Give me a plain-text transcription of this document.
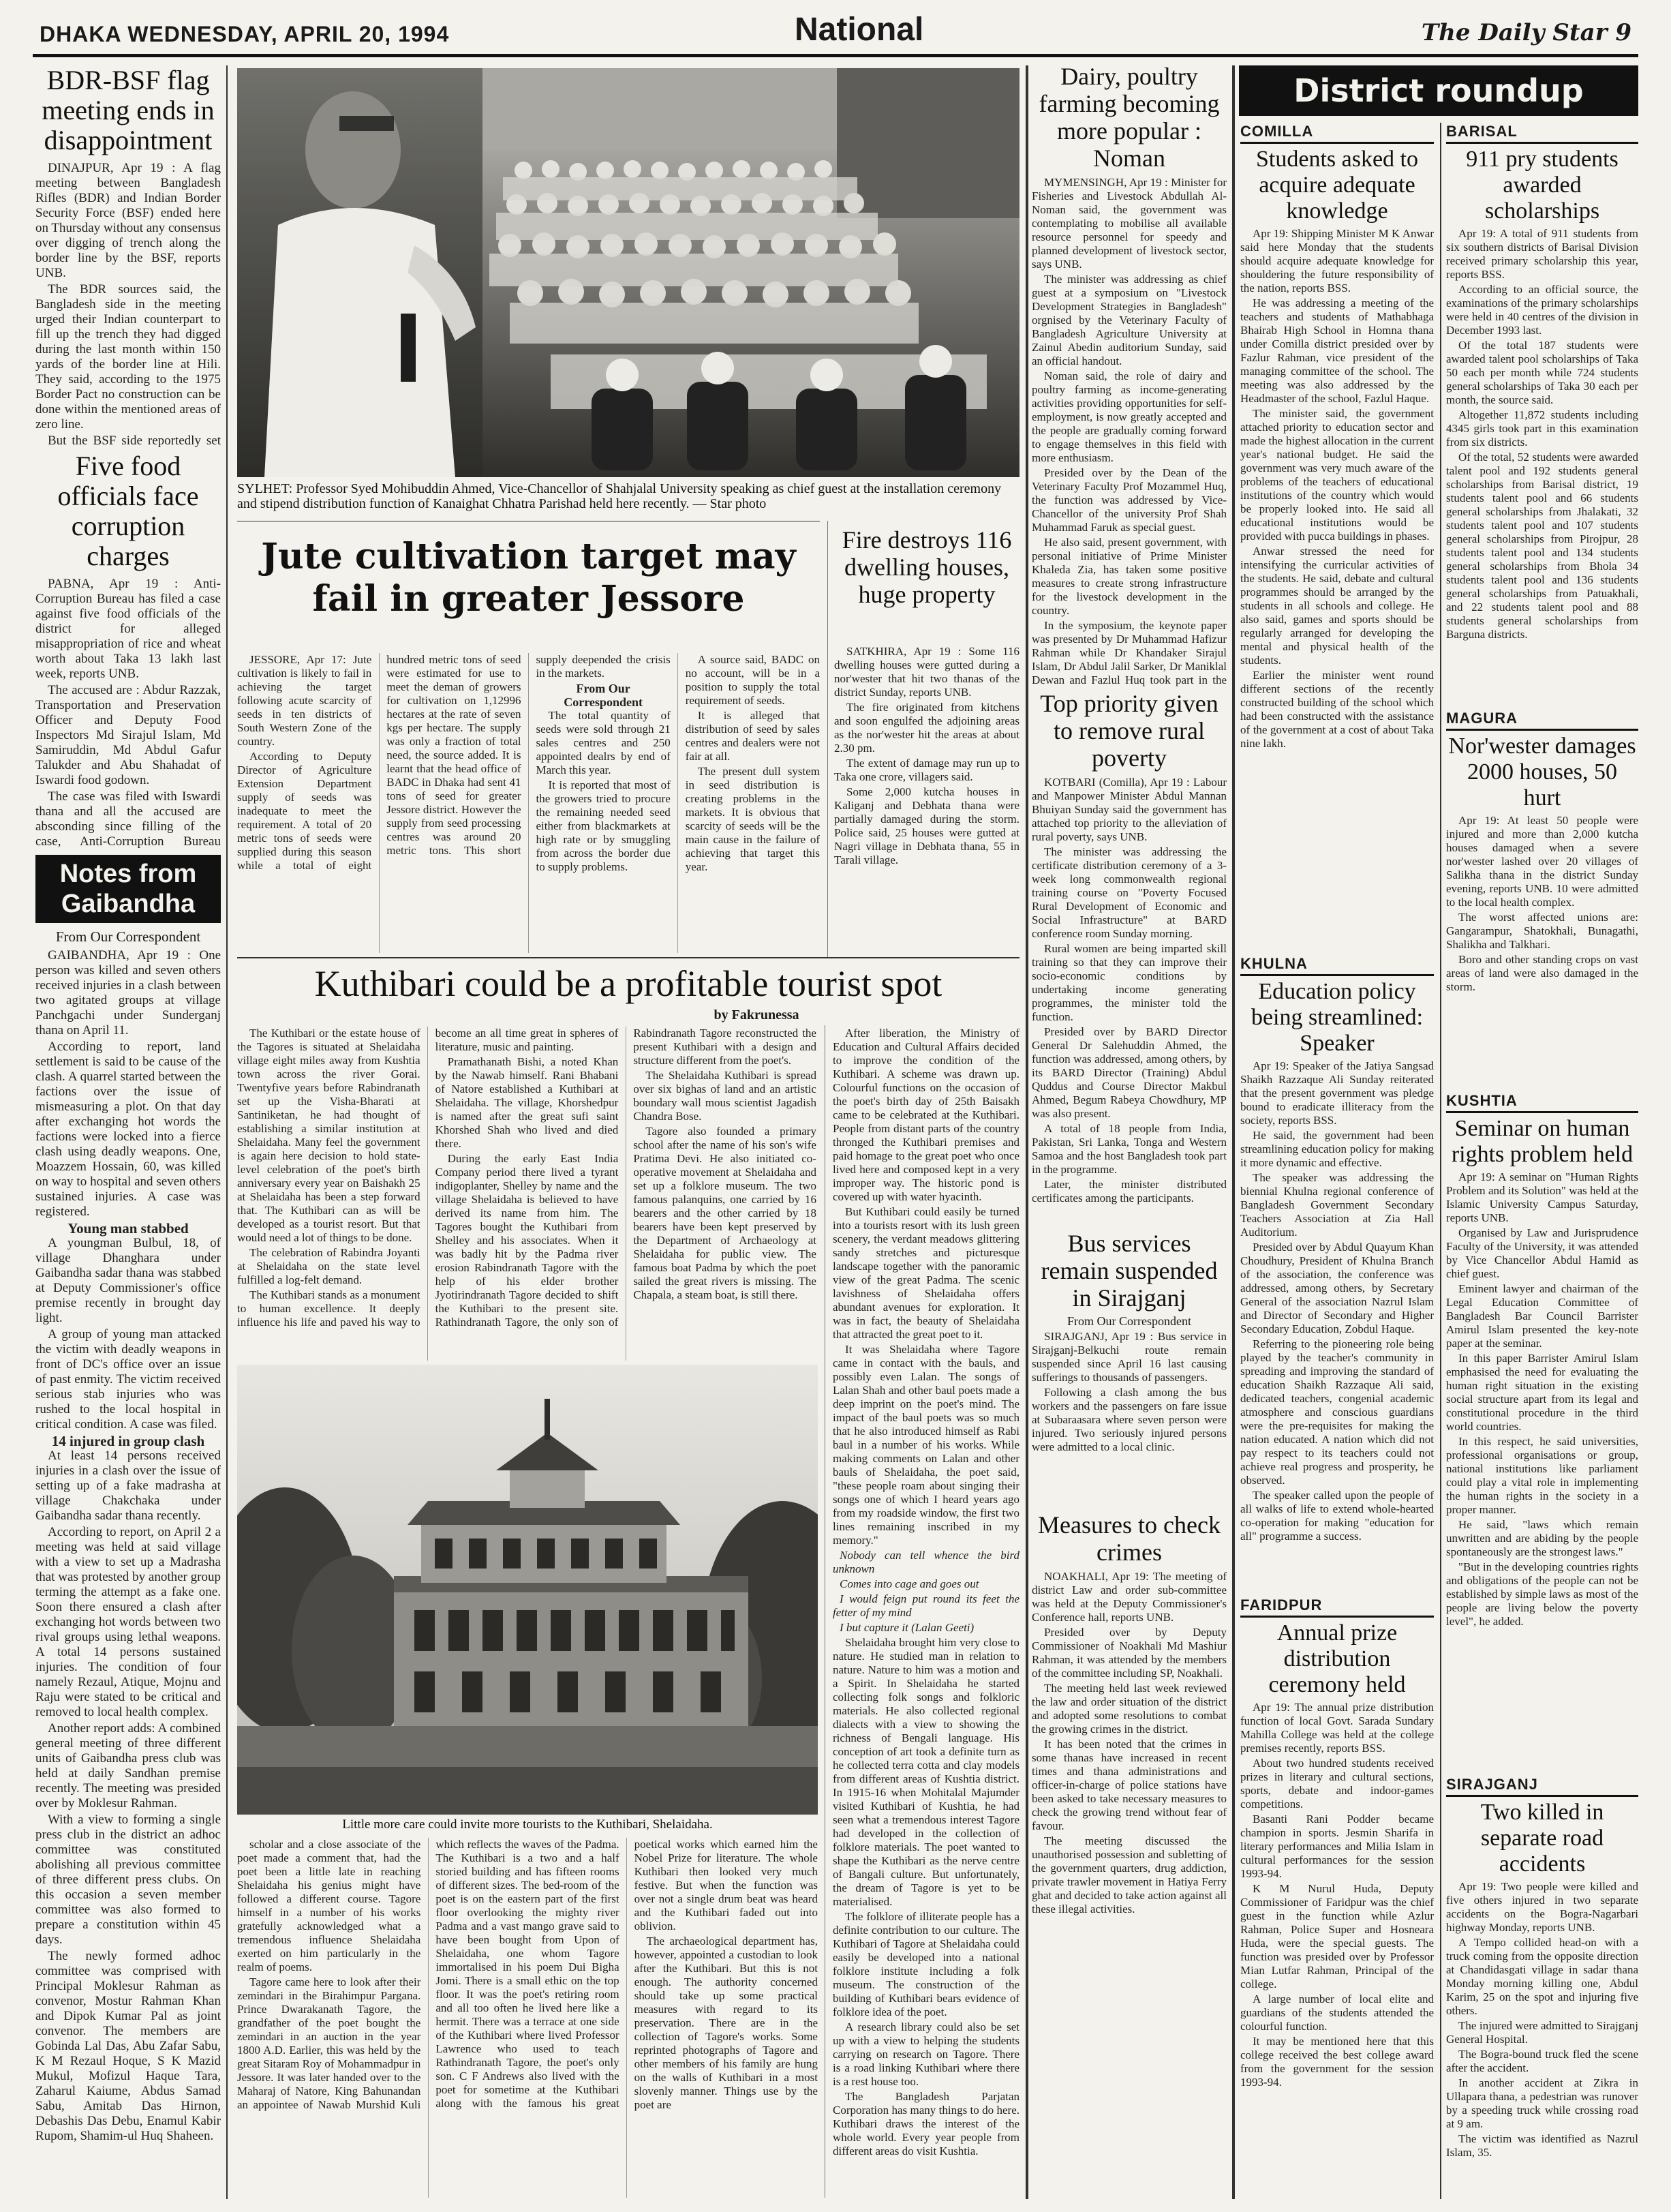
DHAKA WEDNESDAY, APRIL 20, 1994	National	The Daily Star 9
BDR-BSF flag meeting ends in disappointment

DINAJPUR, Apr 19 : A flag meeting between Bangladesh Rifles (BDR) and Indian Border Security Force (BSF) ended here on Thursday without any consensus over digging of trench along the border line by the BSF, reports UNB.

The BDR sources said, the Bangladesh side in the meeting urged their Indian counterpart to fill up the trench they had digged during the last month within 150 yards of the border line at Hili. They said, according to the 1975 Border Pact no construction can be done within the mentioned areas of zero line.

But the BSF side reportedly set

Five food officials face corruption charges

PABNA, Apr 19 : Anti-Corruption Bureau has filed a case against five food officials of the district for alleged misappropriation of rice and wheat worth about Taka 13 lakh last week, reports UNB.

The accused are : Abdur Razzak, Transportation and Preservation Officer and Deputy Food Inspectors Md Sirajul Islam, Md Samiruddin, Md Abdul Gafur Talukder and Abu Shahadat of Iswardi food godown.

The case was filed with Iswardi thana and all the accused are absconding since filling of the case, Anti-Corruption Bureau

Notes from Gaibandha
From Our Correspondent

GAIBANDHA, Apr 19 : One person was killed and seven others received injuries in a clash between two agitated groups at village Panchgachi under Sunderganj thana on April 11.

According to report, land settlement is said to be cause of the clash. A quarrel started between the factions over the issue of mismeasuring a plot. On that day after exchanging hot words the factions were locked into a fierce clash using deadly weapons. One, Moazzem Hossain, 60, was killed on way to hospital and seven others sustained injuries. A case was registered.

Young man stabbed

A youngman Bulbul, 18, of village Dhanghara under Gaibandha sadar thana was stabbed at Deputy Commissioner's office premise recently in brought day light.

A group of young man attacked the victim with deadly weapons in front of DC's office over an issue of past enmity. The victim received serious stab injuries who was rushed to the local hospital in critical condition. A case was filed.

14 injured in group clash

At least 14 persons received injuries in a clash over the issue of setting up of a fake madrasha at village Chakchaka under Gaibandha sadar thana recently.

According to report, on April 2 a meeting was held at said village with a view to set up a Madrasha that was protested by another group terming the attempt as a fake one. Soon there ensured a clash after exchanging hot words between two rival groups using lethal weapons. A total 14 persons sustained injuries. The condition of four namely Rezaul, Atique, Mojnu and Raju were stated to be critical and removed to local health complex.

Another report adds: A combined general meeting of three different units of Gaibandha press club was held at daily Sandhan premise recently. The meeting was presided over by Moklesur Rahman.

With a view to forming a single press club in the district an adhoc committee was constituted abolishing all previous committee of three different press clubs. On this occasion a seven member committee was also formed to prepare a constitution within 45 days.

The newly formed adhoc committee was comprised with Principal Moklesur Rahman as convenor, Mostur Rahman Khan and Dipok Kumar Pal as joint convenor. The members are Gobinda Lal Das, Abu Zafar Sabu, K M Rezaul Hoque, S K Mazid Mukul, Mofizul Haque Tara, Zaharul Kaiume, Abdus Samad Sabu, Amitab Das Hirnon, Debashis Das Debu, Enamul Kabir Rupom, Shamim-ul Huq Shaheen.

SYLHET: Professor Syed Mohibuddin Ahmed, Vice-Chancellor of Shahjalal University speaking as chief guest at the installation ceremony and stipend distribution function of Kanaighat Chhatra Parishad held here recently. — Star photo
Jute cultivation target may fail in greater Jessore

JESSORE, Apr 17: Jute cultivation is likely to fail in achieving the target following acute scarcity of seeds in ten districts of South Western Zone of the country.

According to Deputy Director of Agriculture Extension Department supply of seeds was inadequate to meet the requirement. A total of 20 metric tons of seeds were supplied during this season while a total of eight hundred metric tons of seed were estimated for use to meet the deman of growers for cultivation on 1,12996 hectares at the rate of seven kgs per hectare. The supply was only a fraction of total need, the source added. It is learnt that the head office of BADC in Dhaka had sent 41 tons of seed for greater Jessore district. However the supply from seed processing centres was around 20 metric tons. This short supply deepended the crisis in the markets.

From Our Correspondent

The total quantity of seeds were sold through 21 sales centres and 250 appointed dealrs by end of March this year.

It is reported that most of the growers tried to procure the remaining needed seed either from blackmarkets at high rate or by smuggling from across the border due to supply problems.

A source said, BADC on no account, will be in a position to supply the total requirement of seeds.

It is alleged that distribution of seed by sales centres and dealers were not fair at all.

The present dull system in seed distribution is creating problems in the markets. It is obvious that scarcity of seeds will be the main cause in the failure of achieving that target this year.

Fire destroys 116 dwelling houses, huge property

SATKHIRA, Apr 19 : Some 116 dwelling houses were gutted during a nor'wester that hit two thanas of the district Sunday, reports UNB.

The fire originated from kitchens and soon engulfed the adjoining areas as the nor'wester hit the areas at about 2.30 pm.

The extent of damage may run up to Taka one crore, villagers said.

Some 2,000 kutcha houses in Kaliganj and Debhata thana were partially damaged during the storm. Police said, 25 houses were gutted at Nagri village in Debhata thana, 55 in Tarali village.

Kuthibari could be a profitable tourist spot
by Fakrunessa

The Kuthibari or the estate house of the Tagores is situated at Shelaidaha village eight miles away from Kushtia town across the river Gorai. Twentyfive years before Rabindranath set up the Visha-Bharati at Santiniketan, he had thought of establishing a similar institution at Shelaidaha. Many feel the government is again here decision to hold state-level celebration of the poet's birth anniversary every year on Baishakh 25 at Shelaidaha has been a step forward that. The Kuthibari can as will be developed as a tourist resort. But that would need a lot of things to be done.

The celebration of Rabindra Joyanti at Shelaidaha on the state level fulfilled a log-felt demand.

The Kuthibari stands as a monument to human excellence. It deeply influence his life and paved his way to become an all time great in spheres of literature, music and painting.

Pramathanath Bishi, a noted Khan by the Nawab himself. Rani Bhabani of Natore established a Kuthibari at Shelaidaha. The village, Khorshedpur is named after the great sufi saint Khorshed Shah who lived and died there.

During the early East India Company period there lived a tyrant indigoplanter, Shelley by name and the village Shelaidaha is believed to have derived its name from him. The Tagores bought the Kuthibari from Shelley and his associates. When it was badly hit by the Padma river erosion Rabindranath Tagore with the help of his elder brother Jyotirindranath Tagore decided to shift the Kuthibari to the present site. Rathindranath Tagore, the only son of Rabindranath Tagore reconstructed the present Kuthibari with a design and structure different from the poet's.

The Shelaidaha Kuthibari is spread over six bighas of land and an artistic boundary wall mous scientist Jagadish Chandra Bose.

Tagore also founded a primary school after the name of his son's wife Pratima Devi. He also initiated co-operative movement at Shelaidaha and set up a folklore museum. The two famous palanquins, one carried by 16 bearers and the other carried by 18 bearers have been kept preserved by the Department of Archaeology at Shelaidaha for public view. The famous boat Padma by which the poet sailed the great rivers is missing. The Chapala, a steam boat, is still there.

After liberation, the Ministry of Education and Cultural Affairs decided to improve the condition of the Kuthibari. A scheme was drawn up. Colourful functions on the occasion of the poet's birth day of 25th Baisakh came to be celebrated at the Kuthibari. People from distant parts of the country thronged the Kuthibari premises and paid homage to the great poet who once lived here and composed kept in a very improper way. The historic pond is covered up with water hyacinth.

But Kuthibari could easily be turned into a tourists resort with its lush green scenery, the verdant meadows glittering sandy stretches and picturesque landscape together with the panoramic view of the great Padma. The scenic lavishness of Shelaidaha offers abundant avenues for exploration. It was in fact, the beauty of Shelaidaha that attracted the great poet to it.

It was Shelaidaha where Tagore came in contact with the bauls, and possibly even Lalan. The songs of Lalan Shah and other baul poets made a deep imprint on the poet's mind. The impact of the baul poets was so much that he also introduced himself as Rabi baul in a number of his works. While making comments on Lalan and other bauls of Shelaidaha, the poet said, "these people roam about singing their songs one of which I heard years ago from my roadside window, the first two lines remaining inscribed in my memory."

Nobody can tell whence the bird unknown

Comes into cage and goes out

I would feign put round its feet the fetter of my mind

I but capture it (Lalan Geeti)

Shelaidaha brought him very close to nature. He studied man in relation to nature. Nature to him was a motion and a Spirit. In Shelaidaha he started collecting folk songs and folkloric materials. He also collected regional dialects with a view to showing the richness of Bengali language. His conception of art took a definite turn as he collected terra cotta and clay models from different areas of Kushtia district. In 1915-16 when Mohitalal Majumder visited Kuthibari of Kushtia, he had seen what a tremendous interest Tagore had developed in the collection of folklore materials. The poet wanted to shape the Kuthibari as the nerve centre of Bangali culture. But unfortunately, the dream of Tagore is yet to be materialised.

The folklore of illiterate people has a definite contribution to our culture. The Kuthibari of Tagore at Shelaidaha could easily be developed into a national folklore institute including a folk museum. The construction of the building of Kuthibari bears evidence of folklore idea of the poet.

A research library could also be set up with a view to helping the students carrying on research on Tagore. There is a road linking Kuthibari where there is a rest house too.

The Bangladesh Parjatan Corporation has many things to do here. Kuthibari draws the interest of the whole world. Every year people from different areas do visit Kushtia.

Little more care could invite more tourists to the Kuthibari, Shelaidaha.

scholar and a close associate of the poet made a comment that, had the poet been a little late in reaching Shelaidaha his genius might have followed a different course. Tagore himself in a number of his works gratefully acknowledged what a tremendous influence Shelaidaha exerted on him particularly in the realm of poems.

Tagore came here to look after their zemindari in the Birahimpur Pargana. Prince Dwarakanath Tagore, the grandfather of the poet bought the zemindari in an auction in the year 1800 A.D. Earlier, this was held by the great Sitaram Roy of Mohammadpur in Jessore. It was later handed over to the Maharaj of Natore, King Bahunandan an appointee of Nawab Murshid Kuli which reflects the waves of the Padma. The Kuthibari is a two and a half storied building and has fifteen rooms of different sizes. The bed-room of the poet is on the eastern part of the first floor overlooking the mighty river Padma and a vast mango grave said to have been bought from Upon of Shelaidaha, one whom Tagore immortalised in his poem Dui Bigha Jomi. There is a small ethic on the top floor. It was the poet's retiring room and all too often he lived here like a hermit. There was a terrace at one side of the Kuthibari where lived Professor Lawrence who used to teach Rathindranath Tagore, the poet's only son. C F Andrews also lived with the poet for sometime at the Kuthibari along with the famous his great poetical works which earned him the Nobel Prize for literature. The whole Kuthibari then looked very much festive. But when the function was over not a single drum beat was heard and the Kuthibari faded out into oblivion.

The archaeological department has, however, appointed a custodian to look after the Kuthibari. But this is not enough. The authority concerned should take up some practical measures with regard to its preservation. There are in the collection of Tagore's works. Some reprinted photographs of Tagore and other members of his family are hung on the walls of Kuthibari in a most slovenly manner. Things use by the poet are

Dairy, poultry farming becoming more popular : Noman

MYMENSINGH, Apr 19 : Minister for Fisheries and Livestock Abdullah Al-Noman said, the government was contemplating to mobilise all available resource personnel for speedy and planned development of livestock sector, says UNB.

The minister was addressing as chief guest at a symposium on "Livestock Development Strategies in Bangladesh" orgnised by the Veterinary Faculty of Bangladesh Agriculture University at Zainul Abedin auditorium Sunday, said an official handout.

Noman said, the role of dairy and poultry farming as income-generating activities providing opportunities for self-employment, is now greatly accepted and the people are gradually coming forward to engage themselves in this field with more enthusiasm.

Presided over by the Dean of the Veterinary Faculty Prof Mozammel Huq, the function was addressed by Vice-Chancellor of the university Prof Shah Muhammad Faruk as special guest.

He also said, present government, with personal initiative of Prime Minister Khaleda Zia, has taken some positive measures to create strong infrastructure for the livestock development in the country.

In the symposium, the keynote paper was presented by Dr Muhammad Hafizur Rahman while Dr Khandaker Sirajul Islam, Dr Abdul Jalil Sarker, Dr Maniklal Dewan and Fazlul Huq took part in the

Top priority given to remove rural poverty

KOTBARI (Comilla), Apr 19 : Labour and Manpower Minister Abdul Mannan Bhuiyan Sunday said the government has attached top priority to the alleviation of rural poverty, says UNB.

The minister was addressing the certificate distribution ceremony of a 3-week long commonwealth regional training course on "Poverty Focused Rural Development of Economic and Social Infrastructure" at BARD conference room Sunday morning.

Rural women are being imparted skill training so that they can improve their socio-economic conditions by undertaking income generating programmes, the minister told the function.

Presided over by BARD Director General Dr Salehuddin Ahmed, the function was addressed, among others, by its BARD Director (Training) Abdul Quddus and Course Director Makbul Ahmed, Begum Rabeya Chowdhury, MP was also present.

A total of 18 people from India, Pakistan, Sri Lanka, Tonga and Western Samoa and the host Bangladesh took part in the programme.

Later, the minister distributed certificates among the participants.

Bus services remain suspended in Sirajganj
From Our Correspondent

SIRAJGANJ, Apr 19 : Bus service in Sirajganj-Belkuchi route remain suspended since April 16 last causing sufferings to thousands of passengers.

Following a clash among the bus workers and the passengers on fare issue at Subaraasara where seven person were injured. Two seriously injured persons were admitted to a local clinic.

Measures to check crimes

NOAKHALI, Apr 19: The meeting of district Law and order sub-committee was held at the Deputy Commissioner's Conference hall, reports UNB.

Presided over by Deputy Commissioner of Noakhali Md Mashiur Rahman, it was attended by the members of the committee including SP, Noakhali.

The meeting held last week reviewed the law and order situation of the district and adopted some resolutions to combat the growing crimes in the district.

It has been noted that the crimes in some thanas have increased in recent times and thana administrations and officer-in-charge of police stations have been asked to take necessary measures to check the growing trend without fear of favour.

The meeting discussed the unauthorised possession and subletting of the government quarters, drug addiction, private trawler movement in Hatiya Ferry ghat and decided to take action against all these illegal activities.

District roundup
COMILLA
Students asked to acquire adequate knowledge

Apr 19: Shipping Minister M K Anwar said here Monday that the students should acquire adequate knowledge for shouldering the future responsibility of the nation, reports BSS.

He was addressing a meeting of the teachers and students of Mathabhaga Bhairab High School in Homna thana under Comilla district presided over by Fazlur Rahman, vice president of the managing committee of the school. The meeting was also addressed by the Headmaster of the school, Fazlul Haque.

The minister said, the government attached priority to education sector and made the highest allocation in the current year's national budget. He said the government was very much aware of the problems of the teachers of educational institutions of the country which would be properly looked into. He said all educational institutions would be provided with pucca buildings in phases.

Anwar stressed the need for intensifying the curricular activities of the students. He said, debate and cultural programmes should be arranged by the students in all schools and college. He also said, games and sports should be regularly arranged for developing the mental and physical health of the students.

Earlier the minister went round different sections of the recently constructed building of the school which had been constructed with the assistance of the government at a cost of about Taka nine lakh.

KHULNA
Education policy being streamlined: Speaker

Apr 19: Speaker of the Jatiya Sangsad Shaikh Razzaque Ali Sunday reiterated that the present government was pledge bound to eradicate illiteracy from the society, reports BSS.

He said, the government had been streamlining education policy for making it more dynamic and effective.

The speaker was addressing the biennial Khulna regional conference of Bangladesh Government Secondary Teachers Association at Zia Hall Auditorium.

Presided over by Abdul Quayum Khan Choudhury, President of Khulna Branch of the association, the conference was addressed, among others, by Secretary General of the association Nazrul Islam and Director of Secondary and Higher Secondary Education, Zobdul Haque.

Referring to the pioneering role being played by the teacher's community in spreading and improving the standard of education Shaikh Razzaque Ali said, dedicated teachers, congenial academic atmosphere and conscious guardians were the pre-requisites for making the nation educated. A nation which did not pay respect to its teachers could not achieve real progress and prosperity, he observed.

The speaker called upon the people of all walks of life to extend whole-hearted co-operation for making "education for all" programme a success.

FARIDPUR
Annual prize distribution ceremony held

Apr 19: The annual prize distribution function of local Govt. Sarada Sundary Mahilla College was held at the college premises recently, reports BSS.

About two hundred students received prizes in literary and cultural sections, sports, debate and indoor-games competitions.

Basanti Rani Podder became champion in sports. Jesmin Sharifa in literary performances and Milia Islam in cultural performances for the session 1993-94.

K M Nurul Huda, Deputy Commissioner of Faridpur was the chief guest in the function while Azlur Rahman, Police Super and Hosneara Huda, were the special guests. The function was presided over by Professor Mian Lutfar Rahman, Principal of the college.

A large number of local elite and guardians of the students attended the colourful function.

It may be mentioned here that this college received the best college award from the government for the session 1993-94.

BARISAL
911 pry students awarded scholarships

Apr 19: A total of 911 students from six southern districts of Barisal Division received primary scholarship this year, reports BSS.

According to an official source, the examinations of the primary scholarships were held in 40 centres of the division in December 1993 last.

Of the total 187 students were awarded talent pool scholarships of Taka 50 each per month while 724 students general scholarships of Taka 30 each per month, the source said.

Altogether 11,872 students including 4345 girls took part in this examination from six districts.

Of the total, 52 students were awarded talent pool and 192 students general scholarships from Barisal district, 19 students talent pool and 66 students general scholarships from Jhalakati, 32 students talent pool and 107 students general scholarships from Pirojpur, 28 students talent pool and 134 students general scholarships from Bhola 34 students talent pool and 136 students general scholarships from Patuakhali, and 22 students talent pool and 88 students general scholarships from Barguna districts.

MAGURA
Nor'wester damages 2000 houses, 50 hurt

Apr 19: At least 50 people were injured and more than 2,000 kutcha houses damaged when a severe nor'wester lashed over 20 villages of Salikha thana in the district Sunday evening, reports UNB. 10 were admitted to the local health complex.

The worst affected unions are: Gangarampur, Shatokhali, Bunagathi, Shalikha and Talkhari.

Boro and other standing crops on vast areas of land were also damaged in the storm.

KUSHTIA
Seminar on human rights problem held

Apr 19: A seminar on "Human Rights Problem and its Solution" was held at the Islamic University Campus Saturday, reports UNB.

Organised by Law and Jurisprudence Faculty of the University, it was attended by Vice Chancellor Abdul Hamid as chief guest.

Eminent lawyer and chairman of the Legal Education Committee of Bangladesh Bar Council Barrister Amirul Islam presented the key-note paper at the seminar.

In this paper Barrister Amirul Islam emphasised the need for evaluating the human right situation in the existing social structure apart from its legal and constitutional procedure in the third world countries.

In this respect, he said universities, professional organisations or group, national institutions like parliament could play a vital role in implementing the human rights in the society in a proper manner.

He said, "laws which remain unwritten and are abiding by the people spontaneously are the strongest laws."

"But in the developing countries rights and obligations of the people can not be established by simple laws as most of the people are living below the poverty level", he added.

SIRAJGANJ
Two killed in separate road accidents

Apr 19: Two people were killed and five others injured in two separate accidents on the Bogra-Nagarbari highway Monday, reports UNB.

A Tempo collided head-on with a truck coming from the opposite direction at Chandidasgati village in sadar thana Monday morning killing one, Abdul Karim, 25 on the spot and injuring five others.

The injured were admitted to Sirajganj General Hospital.

The Bogra-bound truck fled the scene after the accident.

In another accident at Zikra in Ullapara thana, a pedestrian was runover by a speeding truck while crossing road at 9 am.

The victim was identified as Nazrul Islam, 35.
